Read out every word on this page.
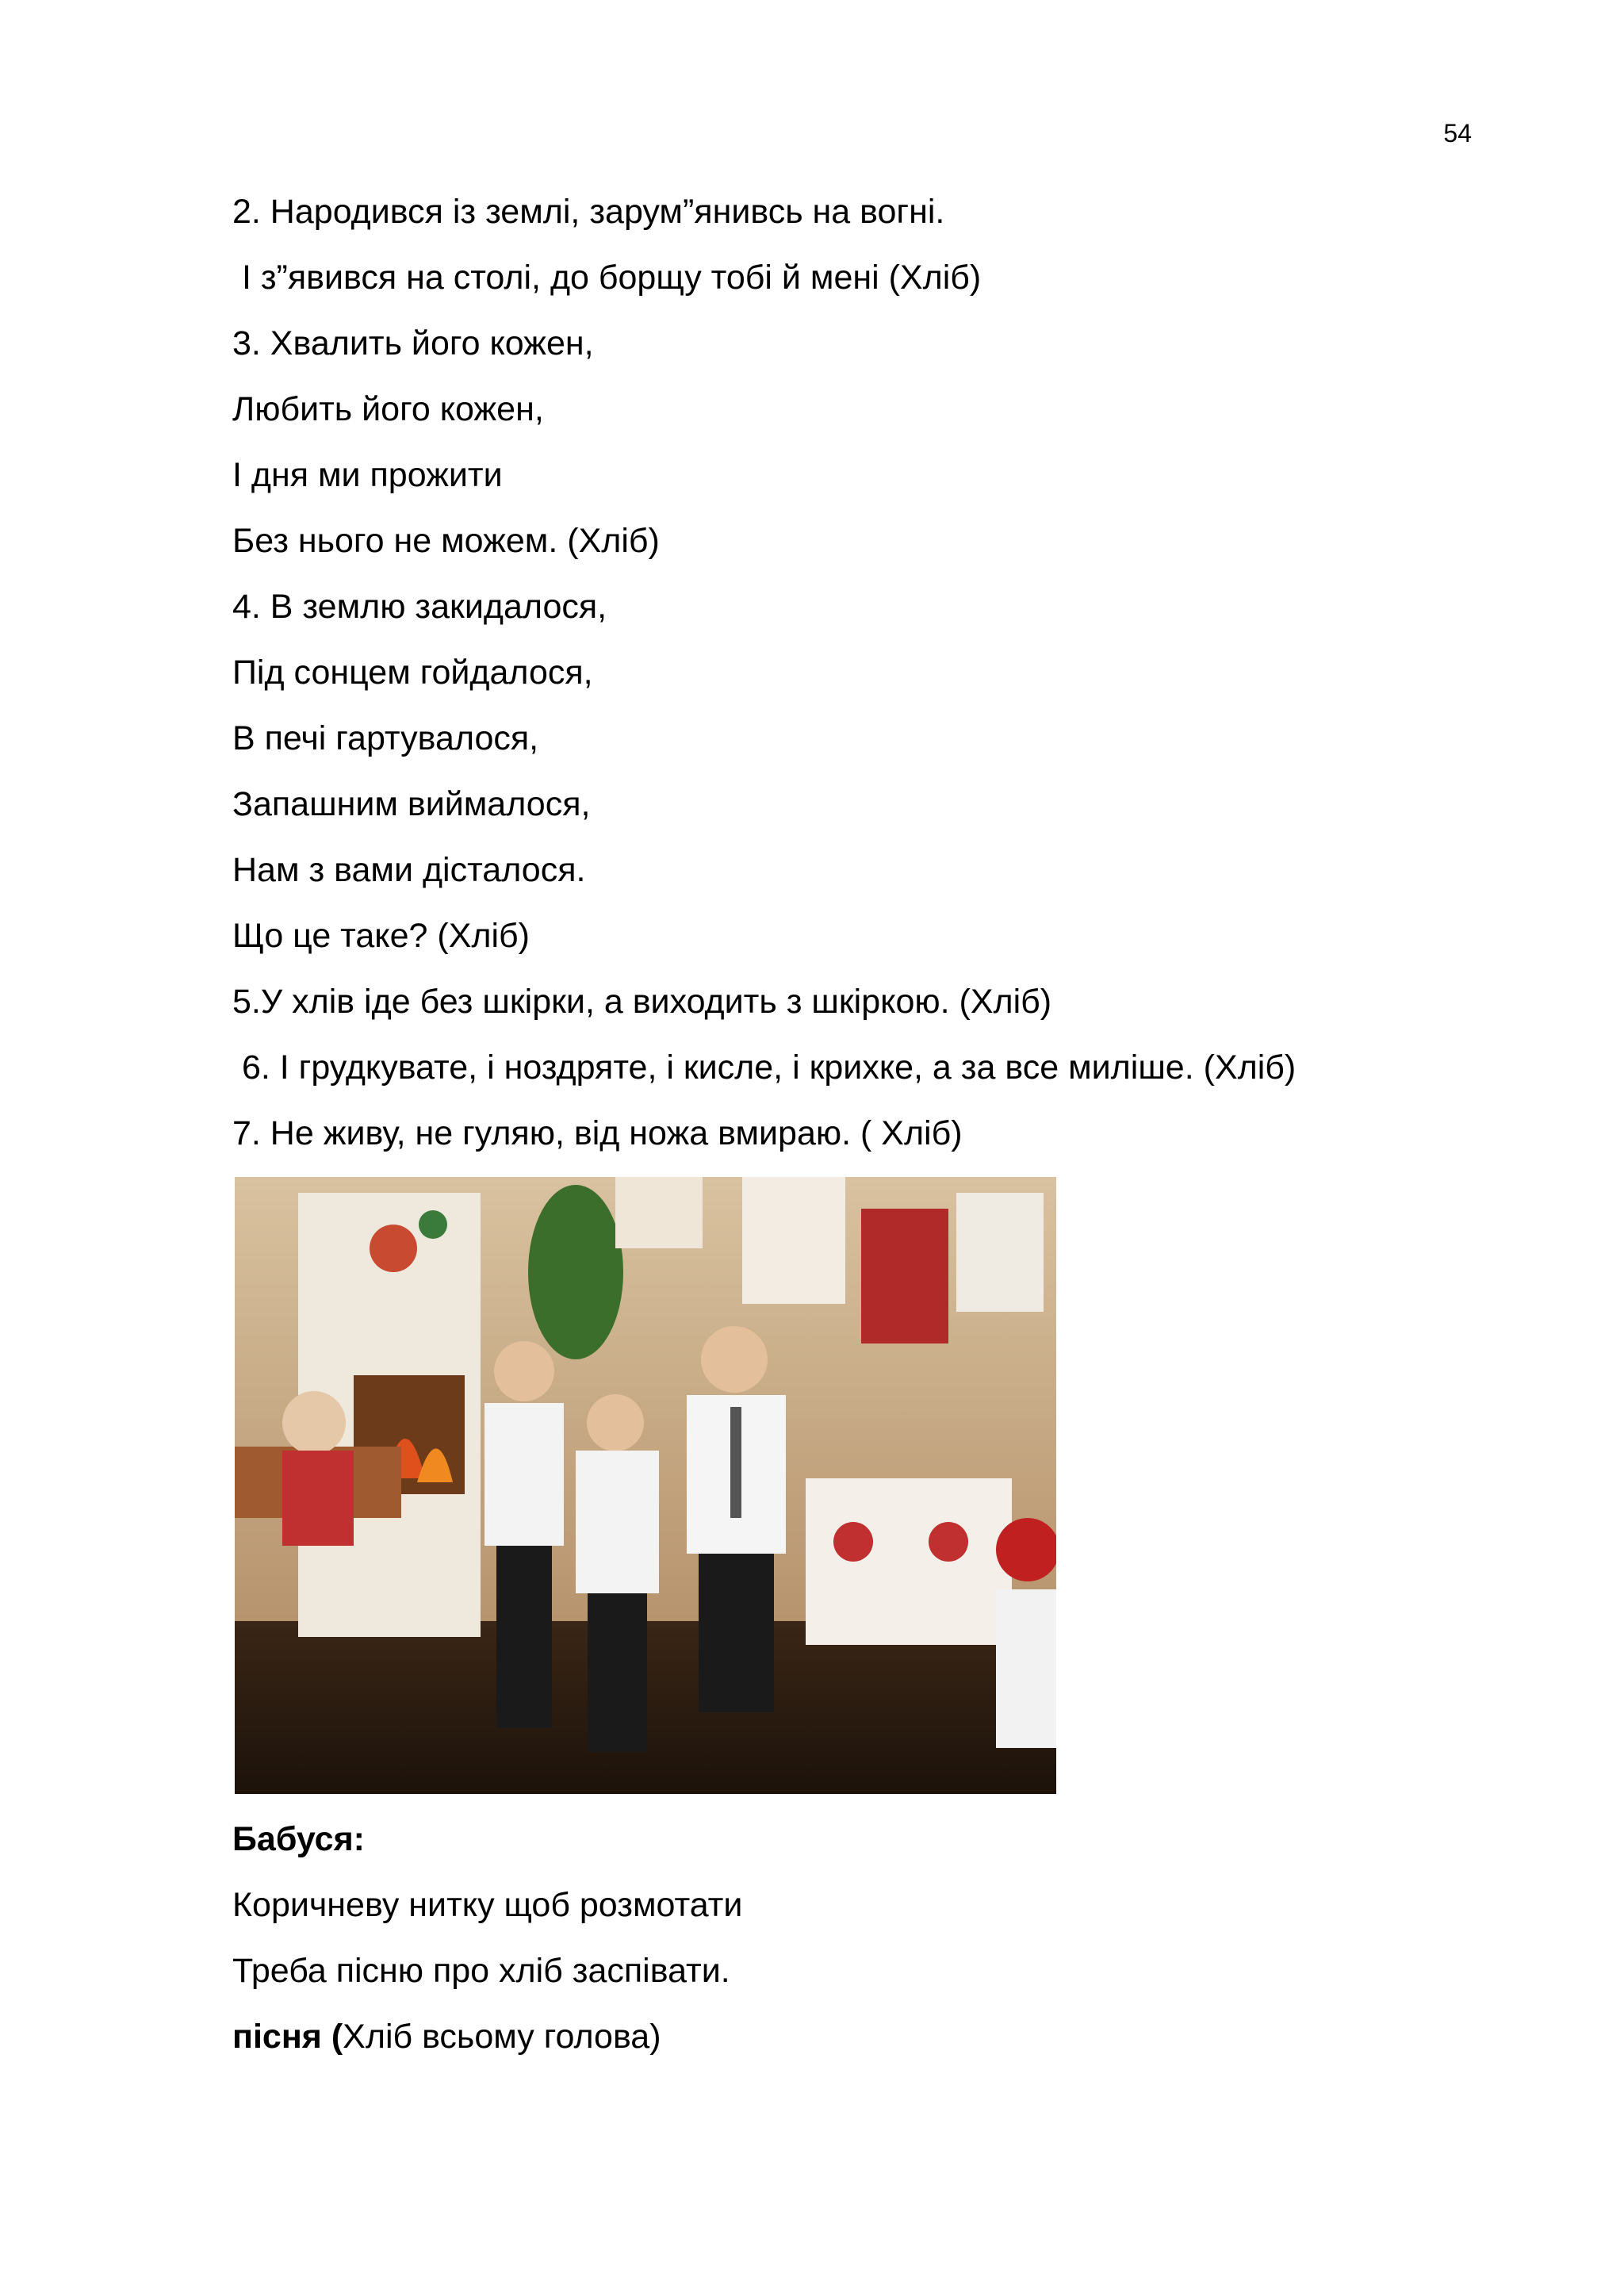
54
2. Народився із землі, зарум”янивсь на вогні.
І з”явився на столі, до борщу тобі й мені (Хліб)
3. Хвалить його кожен,
Любить його кожен,
І дня ми прожити
Без нього не можем. (Хліб)
4. В землю закидалося,
Під сонцем гойдалося,
В печі гартувалося,
Запашним виймалося,
Нам з вами дісталося.
Що це таке? (Хліб)
5.У хлів іде без шкірки, а виходить з шкіркою. (Хліб)
6. І грудкувате, і ноздряте, і кисле, і крихке, а за все миліше. (Хліб)
7. Не живу, не гуляю, від ножа вмираю. ( Хліб)
Бабуся:
Коричневу нитку щоб розмотати
Треба пісню про хліб заспівати.
пісня (Хліб всьому голова)
